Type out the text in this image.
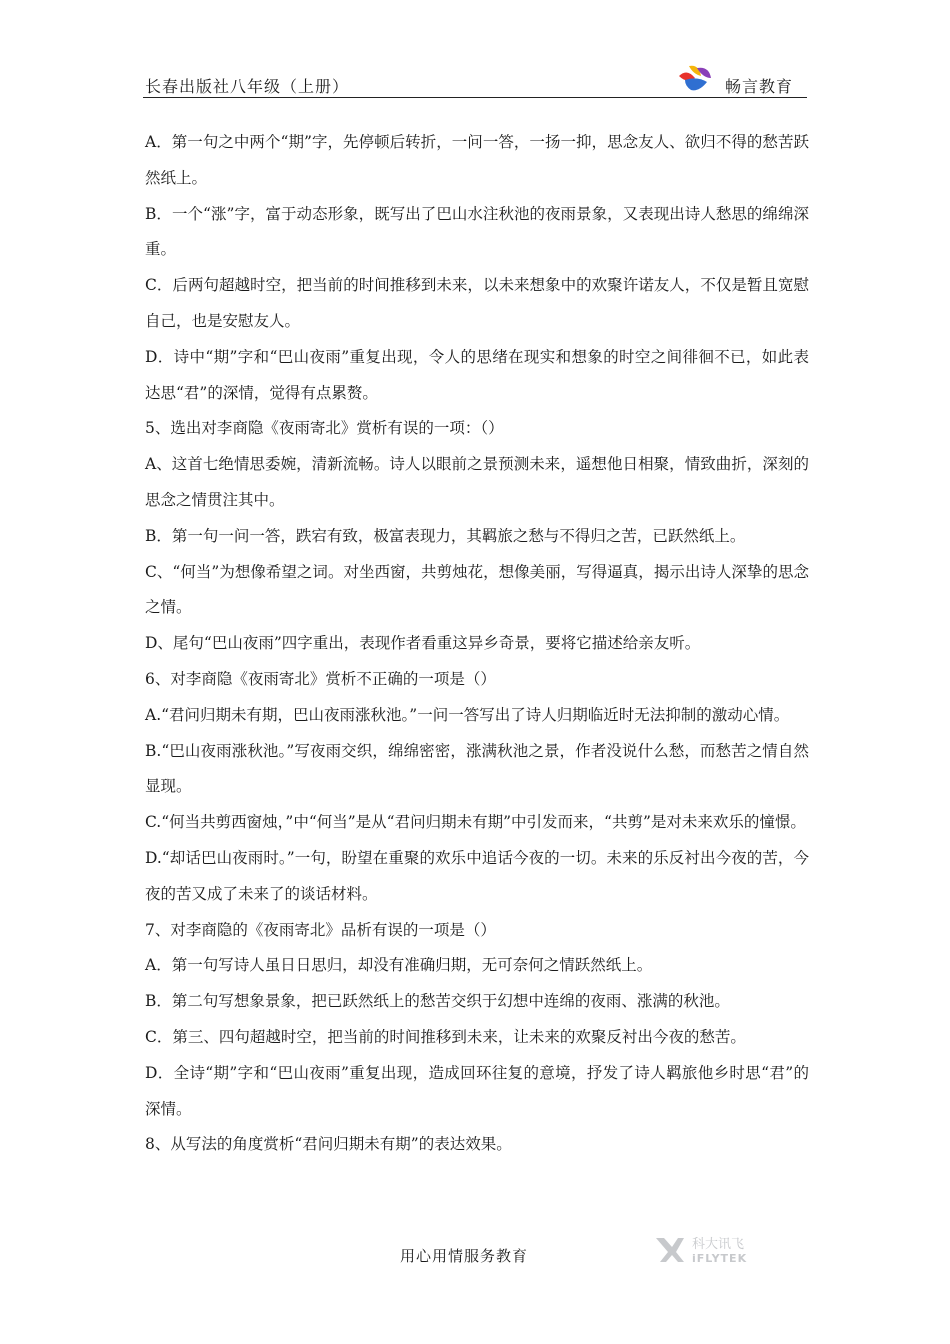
长春出版社八年级（上册）	畅言教育

A．第一句之中两个“期”字，先停顿后转折，一问一答，一扬一抑，思念友人、欲归不得的愁苦跃然纸上。

B．一个“涨”字，富于动态形象，既写出了巴山水注秋池的夜雨景象，又表现出诗人愁思的绵绵深重。

C．后两句超越时空，把当前的时间推移到未来，以未来想象中的欢聚许诺友人，不仅是暂且宽慰自己，也是安慰友人。

D．诗中“期”字和“巴山夜雨”重复出现，令人的思绪在现实和想象的时空之间徘徊不已，如此表达思“君”的深情，觉得有点累赘。

5、选出对李商隐《夜雨寄北》赏析有误的一项：（）

A、这首七绝情思委婉，清新流畅。诗人以眼前之景预测未来，遥想他日相聚，情致曲折，深刻的思念之情贯注其中。

B．第一句一问一答，跌宕有致，极富表现力，其羁旅之愁与不得归之苦，已跃然纸上。

C、“何当”为想像希望之词。对坐西窗，共剪烛花，想像美丽，写得逼真，揭示出诗人深挚的思念之情。

D、尾句“巴山夜雨”四字重出，表现作者看重这异乡奇景，要将它描述给亲友听。

6、对李商隐《夜雨寄北》赏析不正确的一项是（）

A.“君问归期未有期，巴山夜雨涨秋池。”一问一答写出了诗人归期临近时无法抑制的激动心情。

B.“巴山夜雨涨秋池。”写夜雨交织，绵绵密密，涨满秋池之景，作者没说什么愁，而愁苦之情自然显现。

C.“何当共剪西窗烛，”中“何当”是从“君问归期未有期”中引发而来，“共剪”是对未来欢乐的憧憬。

D.“却话巴山夜雨时。”一句，盼望在重聚的欢乐中追话今夜的一切。未来的乐反衬出今夜的苦，今夜的苦又成了未来了的谈话材料。

7、对李商隐的《夜雨寄北》品析有误的一项是（）

A．第一句写诗人虽日日思归，却没有准确归期，无可奈何之情跃然纸上。

B．第二句写想象景象，把已跃然纸上的愁苦交织于幻想中连绵的夜雨、涨满的秋池。

C．第三、四句超越时空，把当前的时间推移到未来，让未来的欢聚反衬出今夜的愁苦。

D．全诗“期”字和“巴山夜雨”重复出现，造成回环往复的意境，抒发了诗人羁旅他乡时思“君”的深情。

8、从写法的角度赏析“君问归期未有期”的表达效果。

用心用情服务教育
科大讯飞
iFLYTEK
